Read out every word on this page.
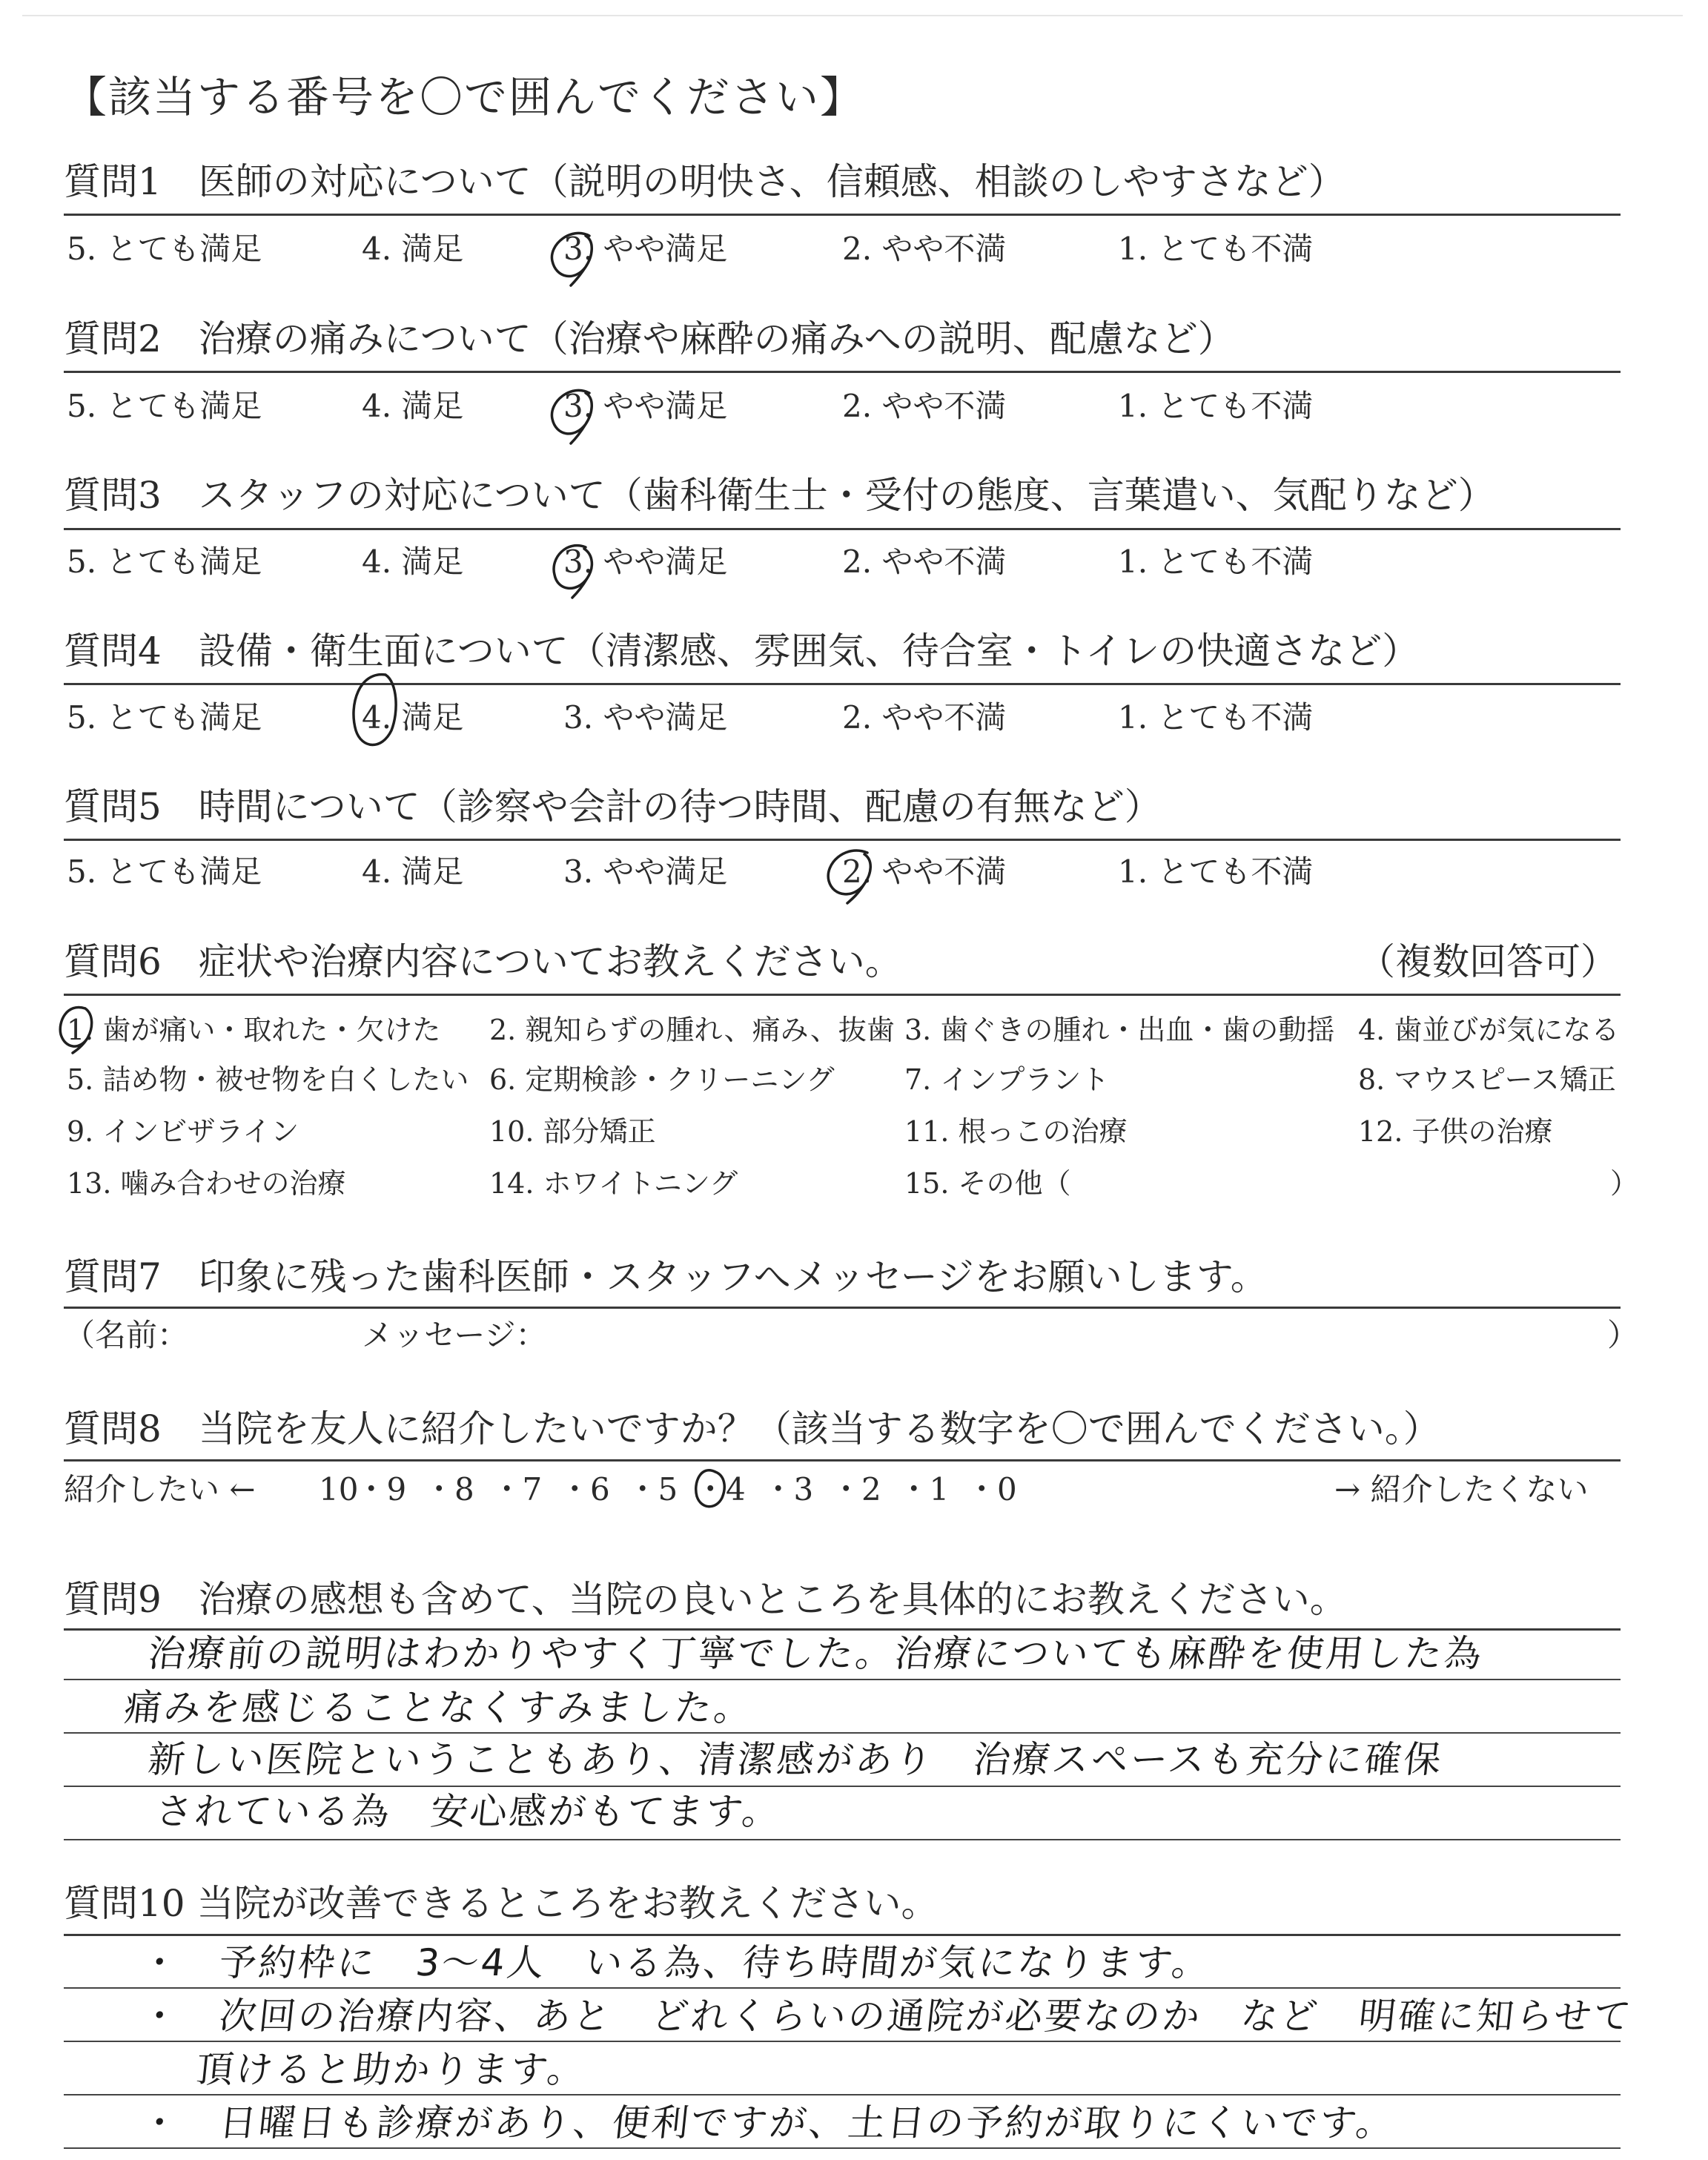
【該当する番号を〇で囲んでください】
質問1　医師の対応について（説明の明快さ、信頼感、相談のしやすさなど）
5. とても満足	4. 満足	3. やや満足	2. やや不満	1. とても不満
質問2　治療の痛みについて（治療や麻酔の痛みへの説明、配慮など）
5. とても満足	4. 満足	3. やや満足	2. やや不満	1. とても不満
質問3　スタッフの対応について（歯科衛生士・受付の態度、言葉遣い、気配りなど）
5. とても満足	4. 満足	3. やや満足	2. やや不満	1. とても不満
質問4　設備・衛生面について（清潔感、雰囲気、待合室・トイレの快適さなど）
5. とても満足	4. 満足	3. やや満足	2. やや不満	1. とても不満
質問5　時間について（診察や会計の待つ時間、配慮の有無など）
5. とても満足	4. 満足	3. やや満足	2. やや不満	1. とても不満
質問6　症状や治療内容についてお教えください。	（複数回答可）
1. 歯が痛い・取れた・欠けた 2. 親知らずの腫れ、痛み、抜歯 3. 歯ぐきの腫れ・出血・歯の動揺 4. 歯並びが気になる
5. 詰め物・被せ物を白くしたい 6. 定期検診・クリーニング 7. インプラント	8. マウスピース矯正
9. インビザライン	10. 部分矯正	11. 根っこの治療	12. 子供の治療
13. 噛み合わせの治療	14. ホワイトニング	15. その他（	）
質問7　印象に残った歯科医師・スタッフへメッセージをお願いします。
（名前：	メッセージ：	）
質問8　当院を友人に紹介したいですか？（該当する数字を〇で囲んでください。）
紹介したい ← 10
・ 9 ・ 8 ・ 7 ・ 6 ・ 5 ・ 4 ・ 3 ・ 2 ・ 1 ・ 0	→ 紹介したくない
質問9　治療の感想も含めて、当院の良いところを具体的にお教えください。
治療前の説明はわかりやすく丁寧でした。治療についても麻酔を使用した為
痛みを感じることなくすみました。
新しい医院ということもあり、清潔感があり　治療スペースも充分に確保
されている為　安心感がもてます。
質問10 当院が改善できるところをお教えください。
・　予約枠に　3～4人　いる為、待ち時間が気になります。
・　次回の治療内容、あと　どれくらいの通院が必要なのか　など　明確に知らせて
頂けると助かります。
・　日曜日も診療があり、便利ですが、土日の予約が取りにくいです。
